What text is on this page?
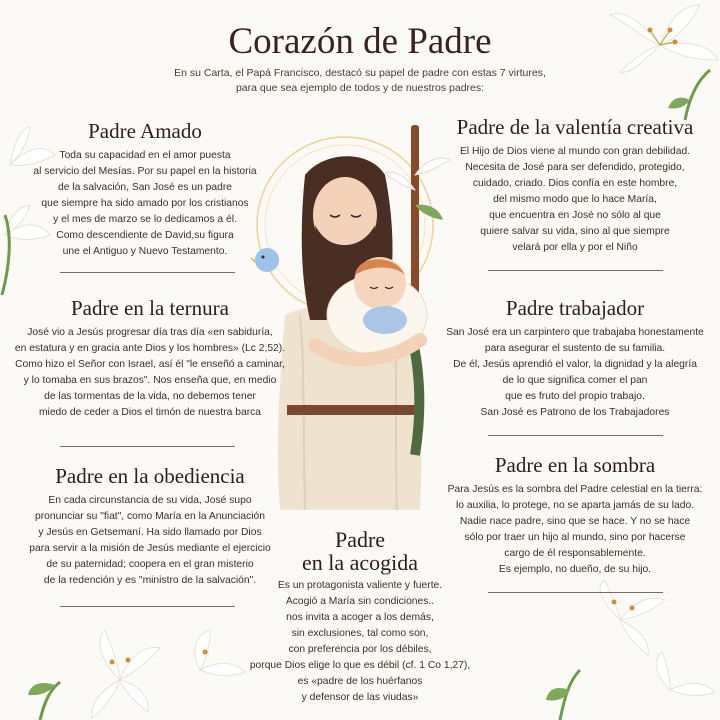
Corazón de Padre
En su Carta, el Papá Francisco, destacó su papel de padre con estas 7 virtures,
para que sea ejemplo de todos y de nuestros padres:
Padre Amado
Toda su capacidad en el amor puesta
al servicio del Mesías. Por su papel en la historia
de la salvación, San José es un padre
que siempre ha sido amado por los cristianos
y el mes de marzo se lo dedicamos a él.
Como descendiente de David,su figura
une el Antiguo y Nuevo Testamento.
Padre de la valentía creativa
El Hijo de Dios viene al mundo con gran debilidad.
Necesita de José para ser defendido, protegido,
cuidado, criado. Dios confía en este hombre,
del mismo modo que lo hace María,
que encuentra en José no sólo al que
quiere salvar su vida, sino al que siempre
velará por ella y por el Niño
Padre en la ternura
José vio a Jesús progresar día tras día «en sabiduría,
en estatura y en gracia ante Dios y los hombres» (Lc 2,52).
Como hizo el Señor con Israel, así él "le enseñó a caminar,
y lo tomaba en sus brazos". Nos enseña que, en medio
de las tormentas de la vida, no debemos tener
miedo de ceder a Dios el timón de nuestra barca
Padre trabajador
San José era un carpintero que trabajaba honestamente
para asegurar el sustento de su familia.
De él, Jesús aprendió el valor, la dignidad y la alegría
de lo que significa comer el pan
que es fruto del propio trabajo.
San José es Patrono de los Trabajadores
Padre en la obediencia
En cada circunstancia de su vida, José supo
pronunciar su "fiat", como María en la Anunciación
y Jesús en Getsemaní. Ha sido llamado por Dios
para servir a la misión de Jesús mediante el ejercicio
de su paternidad; coopera en el gran misterio
de la redención y es "ministro de la salvación".
Padre en la sombra
Para Jesús es la sombra del Padre celestial en la tierra:
lo auxilia, lo protege, no se aparta jamás de su lado.
Nadie nace padre, sino que se hace. Y no se hace
sólo por traer un hijo al mundo, sino por hacerse
cargo de él responsablemente.
Es ejemplo, no dueño, de su hijo.
Padre
en la acogida
Es un protagonista valiente y fuerte.
Acogió a María sin condiciones..
nos invita a acoger a los demás,
sin exclusiones, tal como son,
con preferencia por los débiles,
porque Dios elige lo que es débil (cf. 1 Co 1,27),
es «padre de los huérfanos
y defensor de las viudas»
